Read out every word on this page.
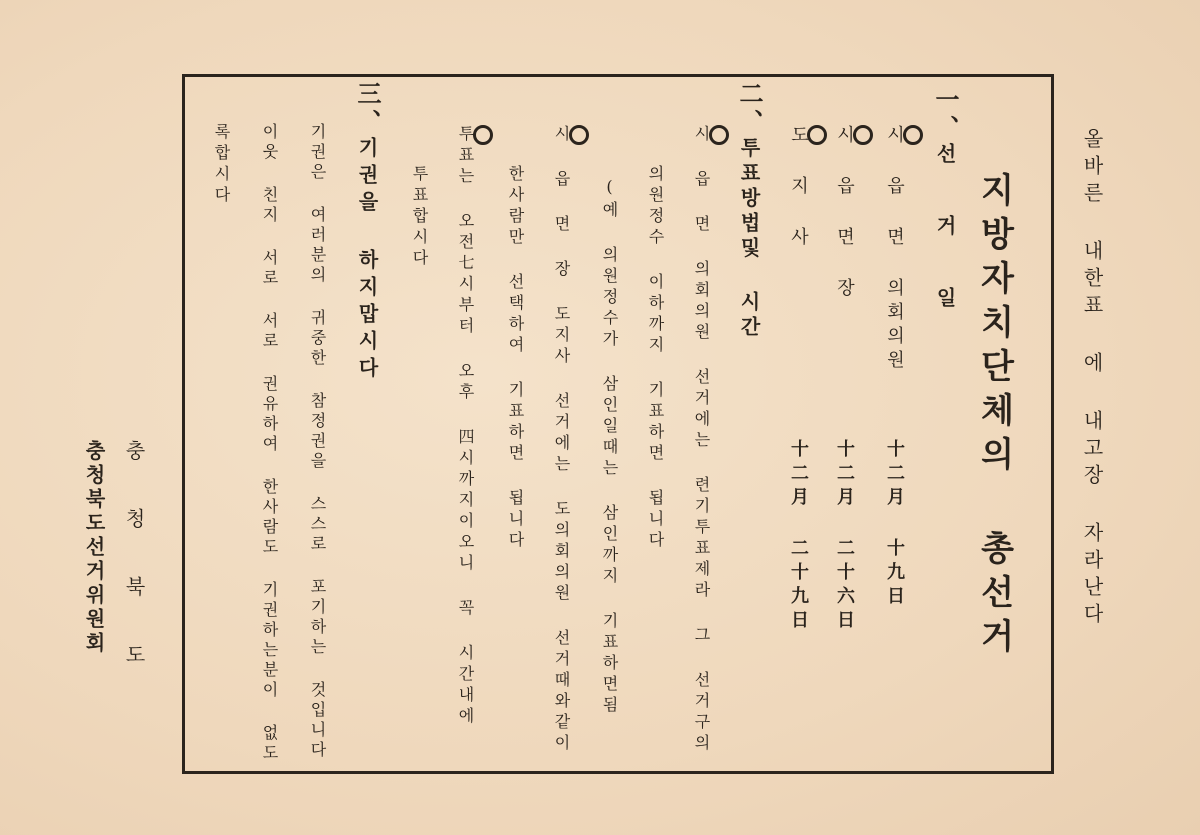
올바른 내한표 에 내고장 자라난다
지방자치단체의 총선거
一、선 거 일
시 읍 면 의회의원
十二月 十九日
시 읍 면 장
十二月 二十六日
도 지 사
十二月 二十九日
二、투표방법및 시간
시 읍 면 의회의원 선거에는 련기투표제라 그 선거구의
의원정수 이하까지 기표하면 됩니다
(예 의원정수가 삼인일때는 삼인까지 기표하면됨
시 읍 면 장 도지사 선거에는 도의회의원 선거때와같이
한사람만 선택하여 기표하면 됩니다
투표는 오전七시부터 오후 四시까지이오니 꼭 시간내에
투표합시다
三、기권을 하지맙시다
기권은 여러분의 귀중한 참정권을 스스로 포기하는 것입니다
이웃 친지 서로 서로 권유하여 한사람도 기권하는분이 없도
록합시다
충 청 북 도
충청북도선거위원회
